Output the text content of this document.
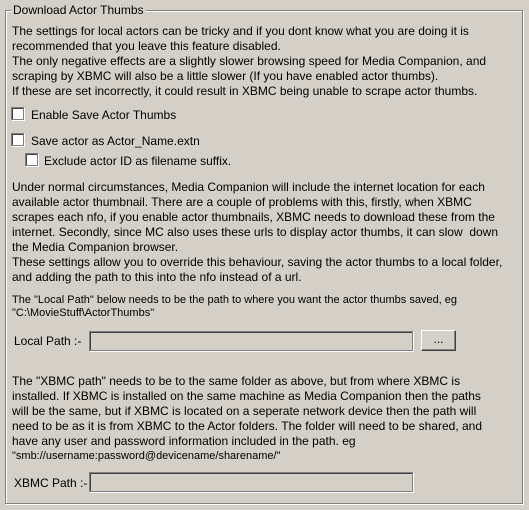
Download Actor Thumbs
The settings for local actors can be tricky and if you dont know what you are doing it is
recommended that you leave this feature disabled.
The only negative effects are a slightly slower browsing speed for Media Companion, and
scraping by XBMC will also be a little slower (If you have enabled actor thumbs).
If these are set incorrectly, it could result in XBMC being unable to scrape actor thumbs.
Enable Save Actor Thumbs
Save actor as Actor_Name.extn
Exclude actor ID as filename suffix.
Under normal circumstances, Media Companion will include the internet location for each
available actor thumbnail. There are a couple of problems with this, firstly, when XBMC
scrapes each nfo, if you enable actor thumbnails, XBMC needs to download these from the
internet. Secondly, since MC also uses these urls to display actor thumbs, it can slow  down
the Media Companion browser.
These settings allow you to override this behaviour, saving the actor thumbs to a local folder,
and adding the path to this into the nfo instead of a url.
The "Local Path" below needs to be the path to where you want the actor thumbs saved, eg
"C:\MovieStuff\ActorThumbs"
Local Path :-	...
The "XBMC path" needs to be to the same folder as above, but from where XBMC is
installed. If XBMC is installed on the same machine as Media Companion then the paths
will be the same, but if XBMC is located on a seperate network device then the path will
need to be as it is from XBMC to the Actor folders. The folder will need to be shared, and
have any user and password information included in the path. eg
"smb://username:password@devicename/sharename/"
XBMC Path :-
